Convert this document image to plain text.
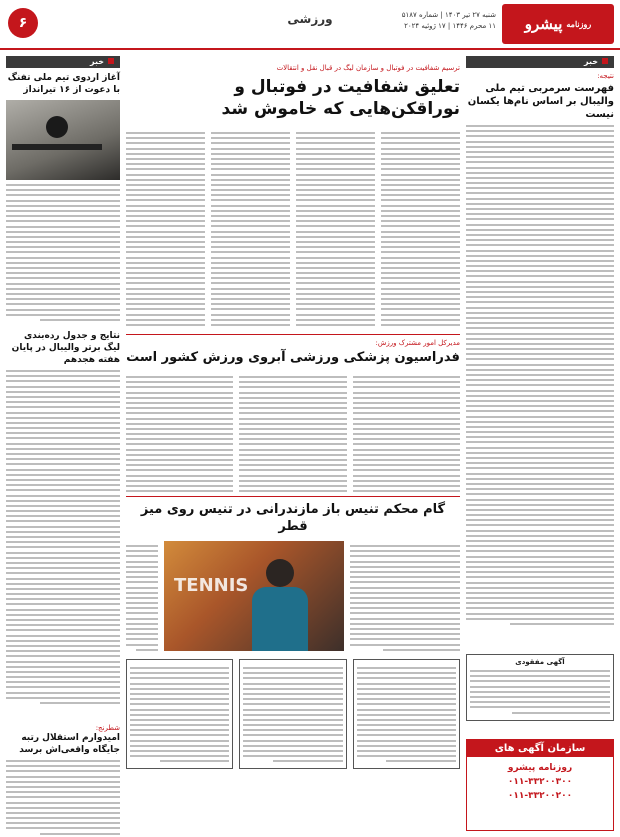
روزنامه
پیشرو
شنبه ۲۷ تیر ۱۴۰۳ | شماره ۵۱۸۷
۱۱ محرم ۱۴۴۶ | ۱۷ ژوئیه ۲۰۲۴
ورزشی
۶
خبر
نتیجه:
فهرست سرمربی تیم ملی والیبال بر اساس نام‌ها یکسان نیست
آگهی مفقودی
سازمان آگهی های
روزنامه پیشرو
۰۱۱-۳۳۲۰۰۳۰۰
۰۱۱-۳۳۲۰۰۲۰۰
ترسیم شفافیت در فوتبال و سازمان لیگ در قبال نقل و انتقالات
تعلیق شفافیت در فوتبال و نوراقکن‌هایی که خاموش شد
مدیرکل امور مشترک ورزش:
فدراسیون پزشکی ورزشی آبروی ورزش کشور است
گام محکم تنیس باز مازندرانی در تنیس روی میز قطر
TENNIS
خبر
آغاز اردوی تیم ملی تفنگ با دعوت از ۱۶ تیرانداز
نتایج و جدول رده‌بندی لیگ برتر والیبال در پایان هفته هجدهم
شطرنج:
امیدوارم استقلال رتبه جایگاه واقعی‌اش برسد
